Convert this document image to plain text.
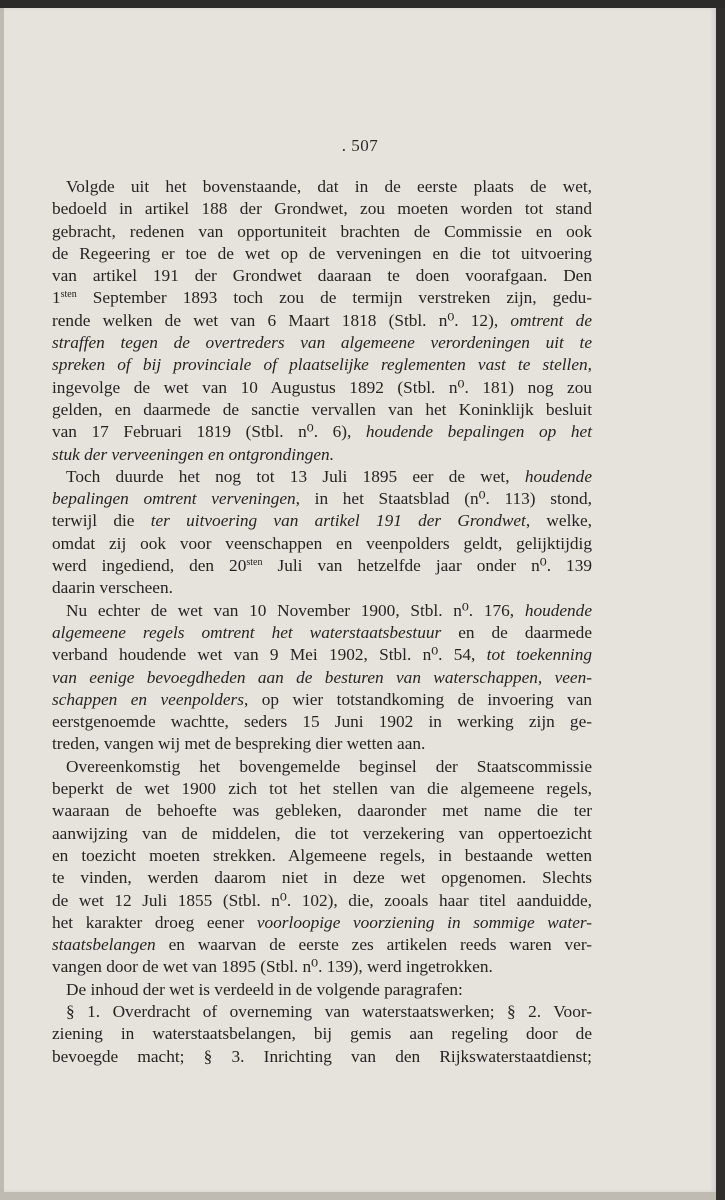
. 507
Volgde uit het bovenstaande, dat in de eerste plaats de wet,
bedoeld in artikel 188 der Grondwet, zou moeten worden tot stand
gebracht, redenen van opportuniteit brachten de Commissie en ook
de Regeering er toe de wet op de verveningen en die tot uitvoering
van artikel 191 der Grondwet daaraan te doen voorafgaan. Den
$1^{sten}$ September 1893 toch zou de termijn verstreken zijn, gedu-
rende welken de wet van 6 Maart 1818 (Stbl. n⁰. 12), omtrent de
straffen tegen de overtreders van algemeene verordeningen uit te
spreken of bij provinciale of plaatselijke reglementen vast te stellen,
ingevolge de wet van 10 Augustus 1892 (Stbl. n⁰. 181) nog zou
gelden, en daarmede de sanctie vervallen van het Koninklijk besluit
van 17 Februari 1819 (Stbl. n⁰. 6), houdende bepalingen op het
stuk der verveeningen en ontgrondingen.
Toch duurde het nog tot 13 Juli 1895 eer de wet, houdende
bepalingen omtrent verveningen, in het Staatsblad (n⁰. 113) stond,
terwijl die ter uitvoering van artikel 191 der Grondwet, welke,
omdat zij ook voor veenschappen en veenpolders geldt, gelijktijdig
werd ingediend, den $20^{sten}$ Juli van hetzelfde jaar onder n⁰. 139
daarin verscheen.
Nu echter de wet van 10 November 1900, Stbl. n⁰. 176, houdende
algemeene regels omtrent het waterstaatsbestuur en de daarmede
verband houdende wet van 9 Mei 1902, Stbl. n⁰. 54, tot toekenning
van eenige bevoegdheden aan de besturen van waterschappen, veen-
schappen en veenpolders, op wier totstandkoming de invoering van
eerstgenoemde wachtte, seders 15 Juni 1902 in werking zijn ge-
treden, vangen wij met de bespreking dier wetten aan.
Overeenkomstig het bovengemelde beginsel der Staatscommissie
beperkt de wet 1900 zich tot het stellen van die algemeene regels,
waaraan de behoefte was gebleken, daaronder met name die ter
aanwijzing van de middelen, die tot verzekering van oppertoezicht
en toezicht moeten strekken. Algemeene regels, in bestaande wetten
te vinden, werden daarom niet in deze wet opgenomen. Slechts
de wet 12 Juli 1855 (Stbl. n⁰. 102), die, zooals haar titel aanduidde,
het karakter droeg eener voorloopige voorziening in sommige water-
staatsbelangen en waarvan de eerste zes artikelen reeds waren ver-
vangen door de wet van 1895 (Stbl. n⁰. 139), werd ingetrokken.
De inhoud der wet is verdeeld in de volgende paragrafen:
§ 1. Overdracht of overneming van waterstaatswerken; § 2. Voor-
ziening in waterstaatsbelangen, bij gemis aan regeling door de
bevoegde macht; § 3. Inrichting van den Rijkswaterstaatdienst;
